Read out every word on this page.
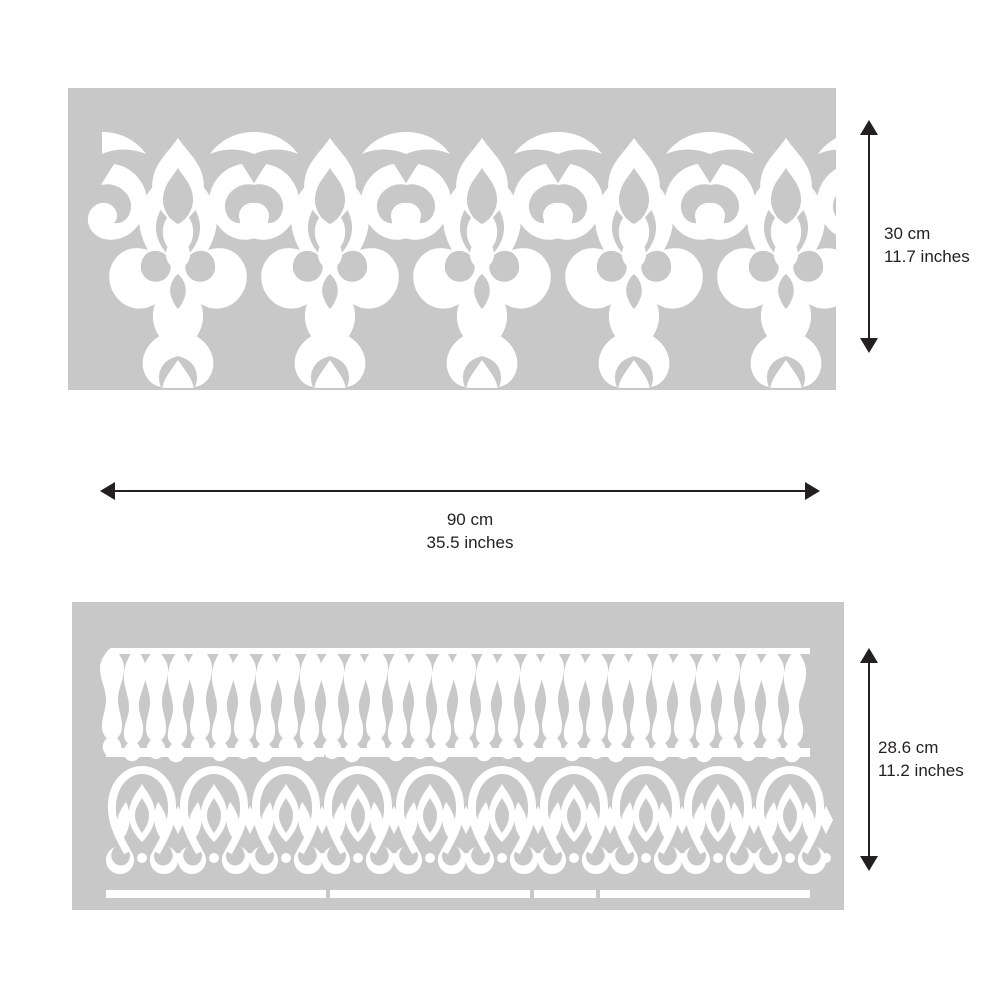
30 cm
11.7 inches
90 cm
35.5 inches
28.6 cm
11.2 inches
